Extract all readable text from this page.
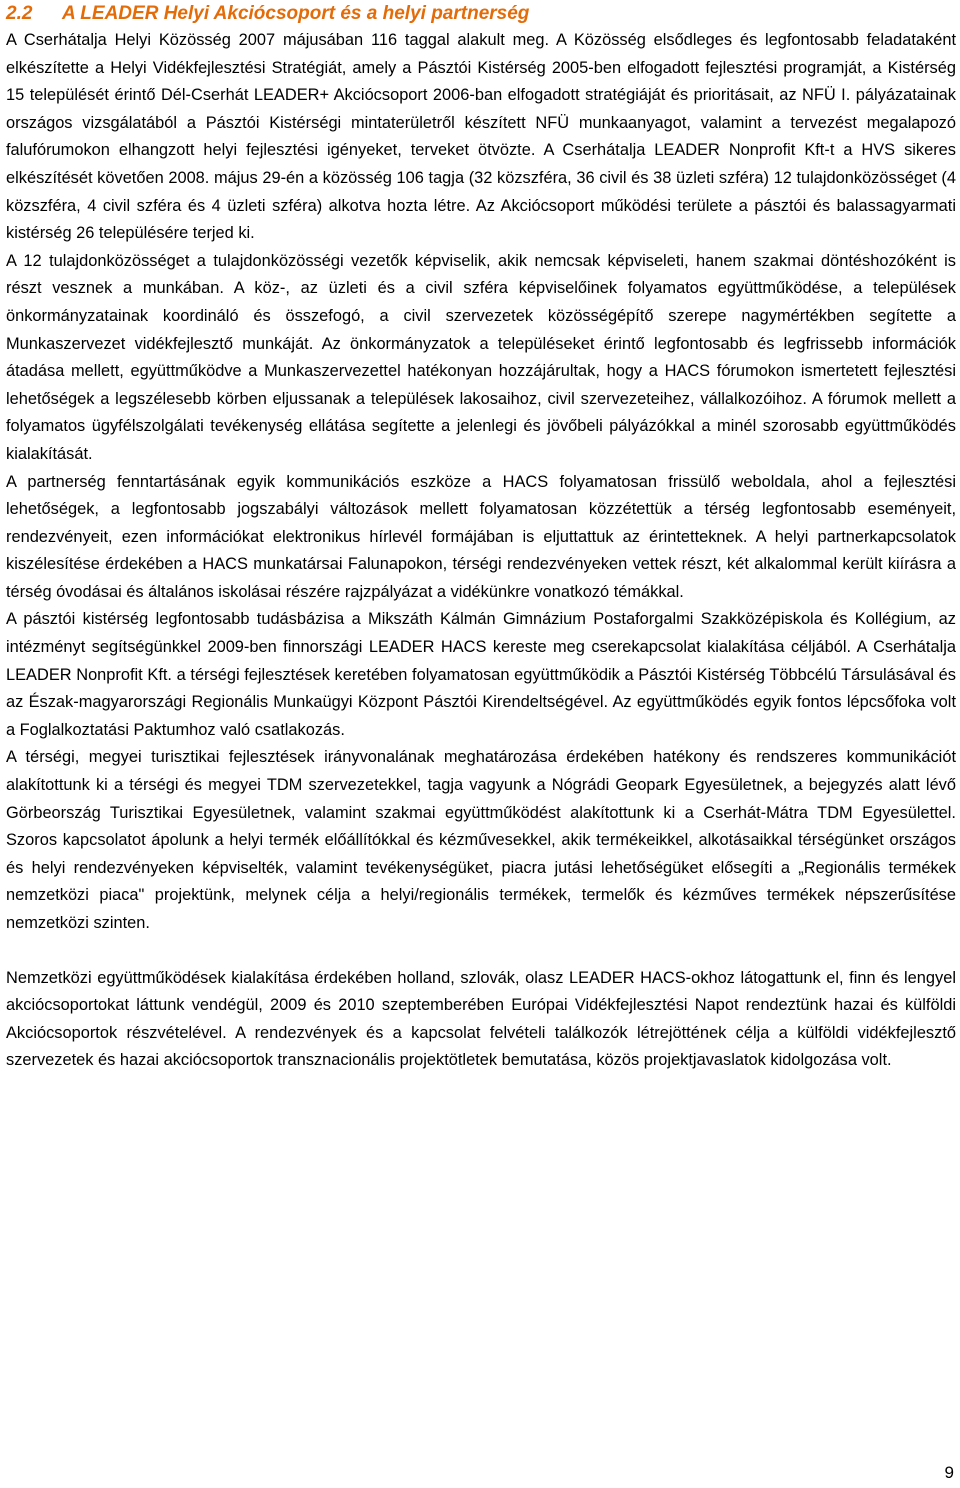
2.2	A LEADER Helyi Akciócsoport és a helyi partnerség

A Cserhátalja Helyi Közösség 2007 májusában 116 taggal alakult meg. A Közösség elsődleges és legfontosabb feladataként elkészítette a Helyi Vidékfejlesztési Stratégiát, amely a Pásztói Kistérség 2005-ben elfogadott fejlesztési programját, a Kistérség 15 települését érintő Dél-Cserhát LEADER+ Akciócsoport 2006-ban elfogadott stratégiáját és prioritásait, az NFÜ I. pályázatainak országos vizsgálatából a Pásztói Kistérségi mintaterületről készített NFÜ munkaanyagot, valamint a tervezést megalapozó falufórumokon elhangzott helyi fejlesztési igényeket, terveket ötvözte. A Cserhátalja LEADER Nonprofit Kft-t a HVS sikeres elkészítését követően 2008. május 29-én a közösség 106 tagja (32 közszféra, 36 civil és 38 üzleti szféra) 12 tulajdonközösséget (4 közszféra, 4 civil szféra és 4 üzleti szféra) alkotva hozta létre. Az Akciócsoport működési területe a pásztói és balassagyarmati kistérség 26 településére terjed ki.

A 12 tulajdonközösséget a tulajdonközösségi vezetők képviselik, akik nemcsak képviseleti, hanem szakmai döntéshozóként is részt vesznek a munkában. A köz-, az üzleti és a civil szféra képviselőinek folyamatos együttműködése, a települések önkormányzatainak koordináló és összefogó, a civil szervezetek közösségépítő szerepe nagymértékben segítette a Munkaszervezet vidékfejlesztő munkáját. Az önkormányzatok a településeket érintő legfontosabb és legfrissebb információk átadása mellett, együttműködve a Munkaszervezettel hatékonyan hozzájárultak, hogy a HACS fórumokon ismertetett fejlesztési lehetőségek a legszélesebb körben eljussanak a települések lakosaihoz, civil szervezeteihez, vállalkozóihoz. A fórumok mellett a folyamatos ügyfélszolgálati tevékenység ellátása segítette a jelenlegi és jövőbeli pályázókkal a minél szorosabb együttműködés kialakítását.

A partnerség fenntartásának egyik kommunikációs eszköze a HACS folyamatosan frissülő weboldala, ahol a fejlesztési lehetőségek, a legfontosabb jogszabályi változások mellett folyamatosan közzétettük a térség legfontosabb eseményeit, rendezvényeit, ezen információkat elektronikus hírlevél formájában is eljuttattuk az érintetteknek. A helyi partnerkapcsolatok kiszélesítése érdekében a HACS munkatársai Falunapokon, térségi rendezvényeken vettek részt, két alkalommal került kiírásra a térség óvodásai és általános iskolásai részére rajzpályázat a vidékünkre vonatkozó témákkal.

A pásztói kistérség legfontosabb tudásbázisa a Mikszáth Kálmán Gimnázium Postaforgalmi Szakközépiskola és Kollégium, az intézményt segítségünkkel 2009-ben finnországi LEADER HACS kereste meg cserekapcsolat kialakítása céljából. A Cserhátalja LEADER Nonprofit Kft. a térségi fejlesztések keretében folyamatosan együttműködik a Pásztói Kistérség Többcélú Társulásával és az Észak-magyarországi Regionális Munkaügyi Központ Pásztói Kirendeltségével. Az együttműködés egyik fontos lépcsőfoka volt a Foglalkoztatási Paktumhoz való csatlakozás.

A térségi, megyei turisztikai fejlesztések irányvonalának meghatározása érdekében hatékony és rendszeres kommunikációt alakítottunk ki a térségi és megyei TDM szervezetekkel, tagja vagyunk a Nógrádi Geopark Egyesületnek, a bejegyzés alatt lévő Görbeország Turisztikai Egyesületnek, valamint szakmai együttműködést alakítottunk ki a Cserhát-Mátra TDM Egyesülettel. Szoros kapcsolatot ápolunk a helyi termék előállítókkal és kézművesekkel, akik termékeikkel, alkotásaikkal térségünket országos és helyi rendezvényeken képviselték, valamint tevékenységüket, piacra jutási lehetőségüket elősegíti a „Regionális termékek nemzetközi piaca" projektünk, melynek célja a helyi/regionális termékek, termelők és kézműves termékek népszerűsítése nemzetközi szinten.

Nemzetközi együttműködések kialakítása érdekében holland, szlovák, olasz LEADER HACS-okhoz látogattunk el, finn és lengyel akciócsoportokat láttunk vendégül, 2009 és 2010 szeptemberében Európai Vidékfejlesztési Napot rendeztünk hazai és külföldi Akciócsoportok részvételével. A rendezvények és a kapcsolat felvételi találkozók létrejöttének célja a külföldi vidékfejlesztő szervezetek és hazai akciócsoportok transznacionális projektötletek bemutatása, közös projektjavaslatok kidolgozása volt.

9
